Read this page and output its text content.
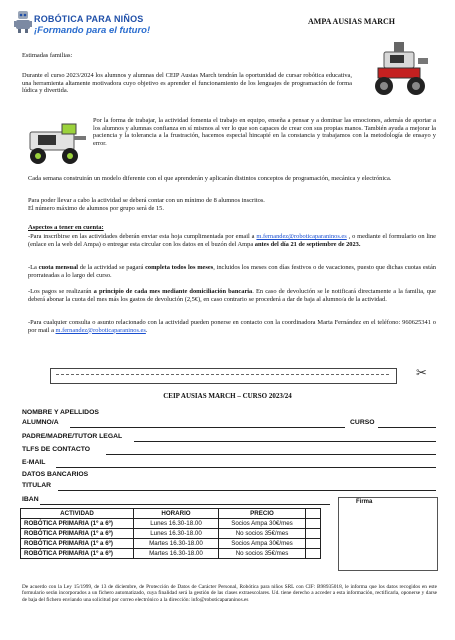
ROBÓTICA PARA NIÑOS
¡Formando para el futuro!
AMPA AUSIAS MARCH
Estimadas familias:
Durante el curso 2023/2024 los alumnos y alumnas del CEIP Ausias March tendrán la oportunidad de cursar robótica educativa, una herramienta altamente motivadora cuyo objetivo es aprender el funcionamiento de los lenguajes de programación de forma lúdica y divertida.
Por la forma de trabajar, la actividad fomenta el trabajo en equipo, enseña a pensar y a dominar las emociones, además de aportar a los alumnos y alumnas confianza en sí mismos al ver lo que son capaces de crear con sus propias manos. También ayuda a mejorar la paciencia y la tolerancia a la frustración, hacemos especial hincapié en la constancia y trabajamos con la metodología de ensayo y error.
Cada semana construirán un modelo diferente con el que aprenderán y aplicarán distintos conceptos de programación, mecánica y electrónica.
Para poder llevar a cabo la actividad se deberá contar con un mínimo de 8 alumnos inscritos.
El número máximo de alumnos por grupo será de 15.
Aspectos a tener en cuenta:
-Para inscribirse en las actividades deberán enviar esta hoja cumplimentada por email a m.fernandez@roboticaparaninos.es , o mediante el formulario on line (enlace en la web del Ampa) o entregar esta circular con los datos en el buzón del Ampa antes del día 21 de septiembre de 2023.
-La cuota mensual de la actividad se pagará completa todos los meses, incluidos los meses con días festivos o de vacaciones, puesto que dichas cuotas están prorrateadas a lo largo del curso.
-Los pagos se realizarán a principio de cada mes mediante domiciliación bancaria. En caso de devolución se le notificará directamente a la familia, que deberá abonar la cuota del mes más los gastos de devolución (2,5€), en caso contrario se procederá a dar de baja al alumno/a de la actividad.
-Para cualquier consulta o asunto relacionado con la actividad pueden ponerse en contacto con la coordinadora Marta Fernández en el teléfono: 960625341 o por mail a m.fernandez@roboticaparaninos.es.
✂
CEIP AUSIAS MARCH – CURSO 2023/24
NOMBRE Y APELLIDOS
ALUMNO/A	CURSO
PADRE/MADRE/TUTOR LEGAL
TLFS DE CONTACTO
E-MAIL
DATOS BANCARIOS
TITULAR
IBAN	Firma
ACTIVIDAD	HORARIO	PRECIO	
ROBÓTICA PRIMARIA (1º a 6º)	Lunes 16.30-18.00	Socios Ampa 30€/mes	
ROBÓTICA PRIMARIA (1º a 6º)	Lunes 16.30-18.00	No socios 35€/mes	
ROBÓTICA PRIMARIA (1º a 6º)	Martes 16.30-18.00	Socios Ampa 30€/mes	
ROBÓTICA PRIMARIA (1º a 6º)	Martes 16.30-18.00	No socios 35€/mes	
De acuerdo con la Ley 15/1999, de 13 de diciembre, de Protección de Datos de Carácter Personal, Robótica para niños SRL con CIF: B98935018, le informa que los datos recogidos en este formulario serán incorporados a un fichero automatizado, cuya finalidad será la gestión de las clases extraescolares. Ud. tiene derecho a acceder a esta información, rectificarla, oponerse y darse de baja del fichero enviando una solicitud por correo electrónico a la dirección: info@roboticaparaninos.es
